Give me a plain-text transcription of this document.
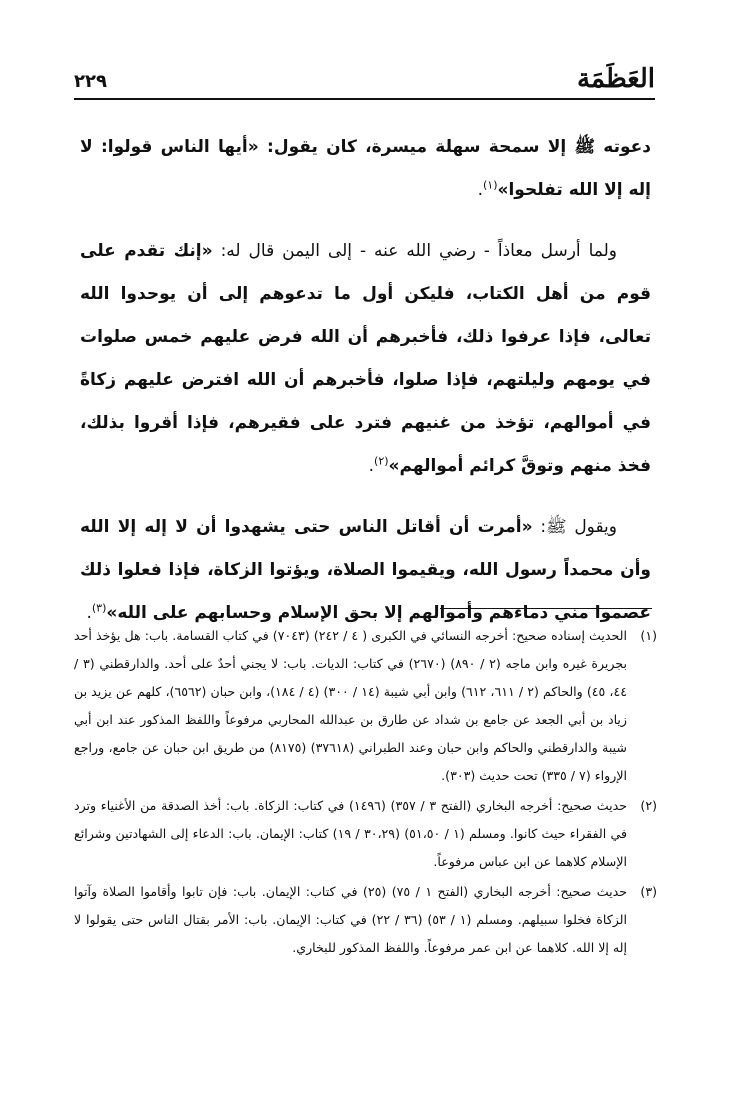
العَظَمَة
٢٢٩

دعوته ﷺ إلا سمحة سهلة ميسرة، كان يقول: «أيها الناس قولوا: لا إله إلا الله تفلحوا»$^{(١)}$.

ولما أرسل معاذاً - رضي الله عنه - إلى اليمن قال له: «إنك تقدم على قوم من أهل الكتاب، فليكن أول ما تدعوهم إلى أن يوحدوا الله تعالى، فإذا عرفوا ذلك، فأخبرهم أن الله فرض عليهم خمس صلوات في يومهم وليلتهم، فإذا صلوا، فأخبرهم أن الله افترض عليهم زكاةً في أموالهم، تؤخذ من غنيهم فترد على فقيرهم، فإذا أقروا بذلك، فخذ منهم وتوقَّ كرائم أموالهم»$^{(٢)}$.

ويقول ﷺ: «أمرت أن أقاتل الناس حتى يشهدوا أن لا إله إلا الله وأن محمداً رسول الله، ويقيموا الصلاة، ويؤتوا الزكاة، فإذا فعلوا ذلك عصموا مني دماءهم وأموالهم إلا بحق الإسلام وحسابهم على الله»$^{(٣)}$.

(١)
الحديث إسناده صحيح: أخرجه النسائي في الكبرى ( ٤ / ٢٤٢) (٧٠٤٣) في كتاب القسامة. باب: هل يؤخذ أحد بجريرة غيره وابن ماجه (٢ / ٨٩٠) (٢٦٧٠) في كتاب: الديات. باب: لا يجني أحدٌ على أحد. والدارقطني (٣ / ٤٤، ٤٥) والحاكم (٢ / ٦١١، ٦١٢) وابن أبي شيبة (١٤ / ٣٠٠) (٤ / ١٨٤)، وابن حبان (٦٥٦٢)، كلهم عن يزيد بن زياد بن أبي الجعد عن جامع بن شداد عن طارق بن عبدالله المحاربي مرفوعاً واللفظ المذكور عند ابن أبي شيبة والدارقطني والحاكم وابن حبان وعند الطبراني (٣٧٦١٨) (٨١٧٥) من طريق ابن حبان عن جامع، وراجع الإرواء (٧ / ٣٣٥) تحت حديث (٣٠٣).
(٢)
حديث صحيح: أخرجه البخاري (الفتح ٣ / ٣٥٧) (١٤٩٦) في كتاب: الزكاة. باب: أخذ الصدقة من الأغنياء وترد في الفقراء حيث كانوا. ومسلم (١ / ٥١،٥٠) (٣٠،٢٩ / ١٩) كتاب: الإيمان. باب: الدعاء إلى الشهادتين وشرائع الإسلام كلاهما عن ابن عباس مرفوعاً.
(٣)
حديث صحيح: أخرجه البخاري (الفتح ١ / ٧٥) (٢٥) في كتاب: الإيمان. باب: فإن تابوا وأقاموا الصلاة وآتوا الزكاة فخلوا سبيلهم. ومسلم (١ / ٥٣) (٣٦ / ٢٢) في كتاب: الإيمان. باب: الأمر بقتال الناس حتى يقولوا لا إله إلا الله. كلاهما عن ابن عمر مرفوعاً. واللفظ المذكور للبخاري.
